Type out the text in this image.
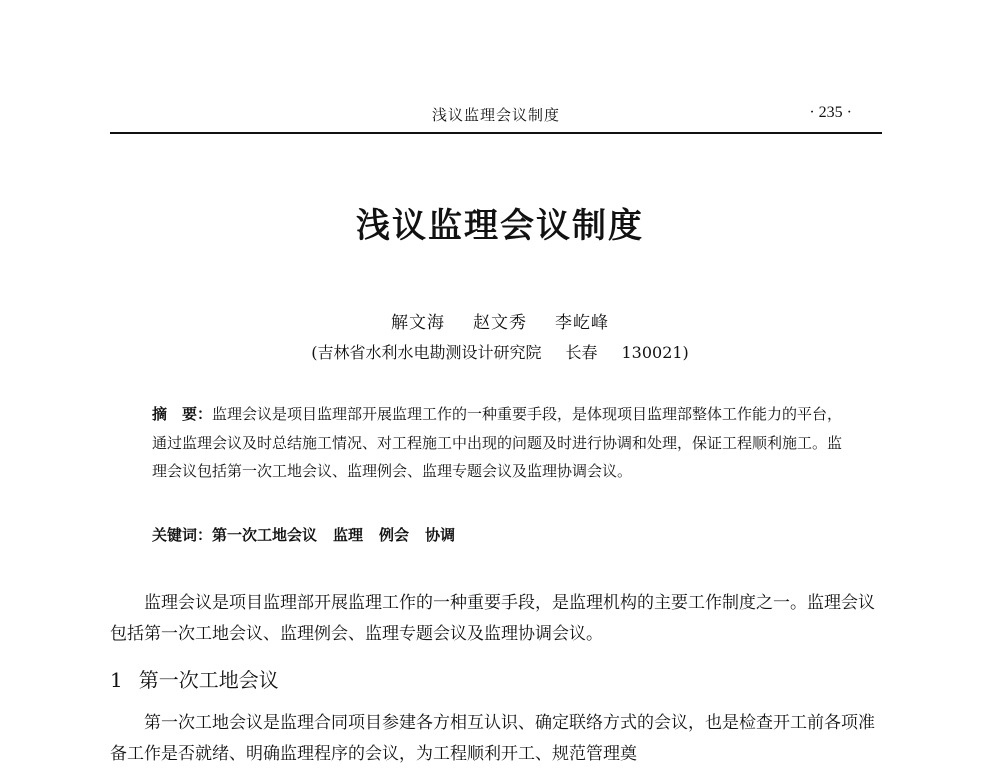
浅议监理会议制度	· 235 ·
浅议监理会议制度
解文海 赵文秀 李屹峰
(吉林省水利水电勘测设计研究院 长春 130021)
摘　要：监理会议是项目监理部开展监理工作的一种重要手段，是体现项目监理部整体工作能力的平台，通过监理会议及时总结施工情况、对工程施工中出现的问题及时进行协调和处理，保证工程顺利施工。监理会议包括第一次工地会议、监理例会、监理专题会议及监理协调会议。
关键词：第一次工地会议 监理 例会 协调
监理会议是项目监理部开展监理工作的一种重要手段，是监理机构的主要工作制度之一。监理会议包括第一次工地会议、监理例会、监理专题会议及监理协调会议。
1 第一次工地会议
第一次工地会议是监理合同项目参建各方相互认识、确定联络方式的会议，也是检查开工前各项准备工作是否就绪、明确监理程序的会议，为工程顺利开工、规范管理奠
